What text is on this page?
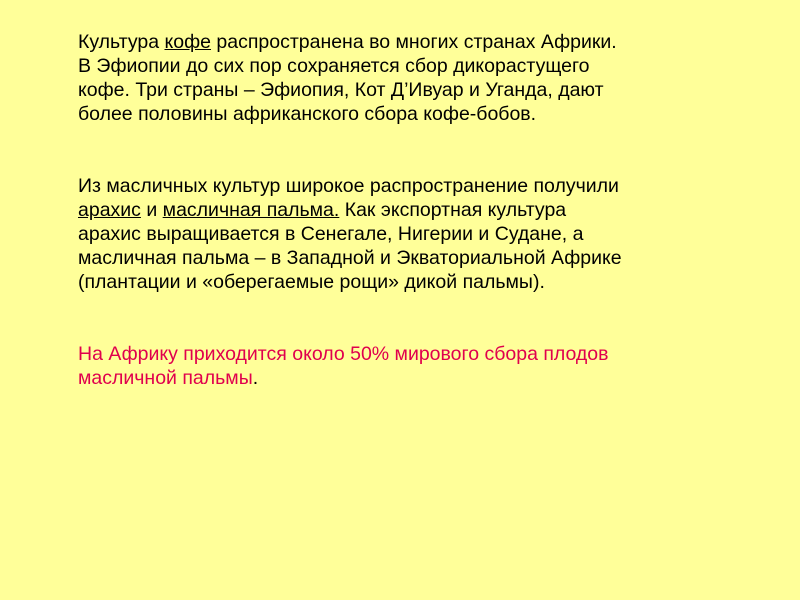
Культура кофе распространена во многих странах Африки.
В Эфиопии до сих пор сохраняется сбор дикорастущего
кофе. Три страны – Эфиопия, Кот Д’Ивуар и Уганда, дают
более половины африканского сбора кофе-бобов.
Из масличных культур широкое распространение получили
арахис и масличная пальма. Как экспортная культура
арахис выращивается в Сенегале, Нигерии и Судане, а
масличная пальма – в Западной и Экваториальной Африке
(плантации и «оберегаемые рощи» дикой пальмы).
На Африку приходится около 50% мирового сбора плодов
масличной пальмы.
